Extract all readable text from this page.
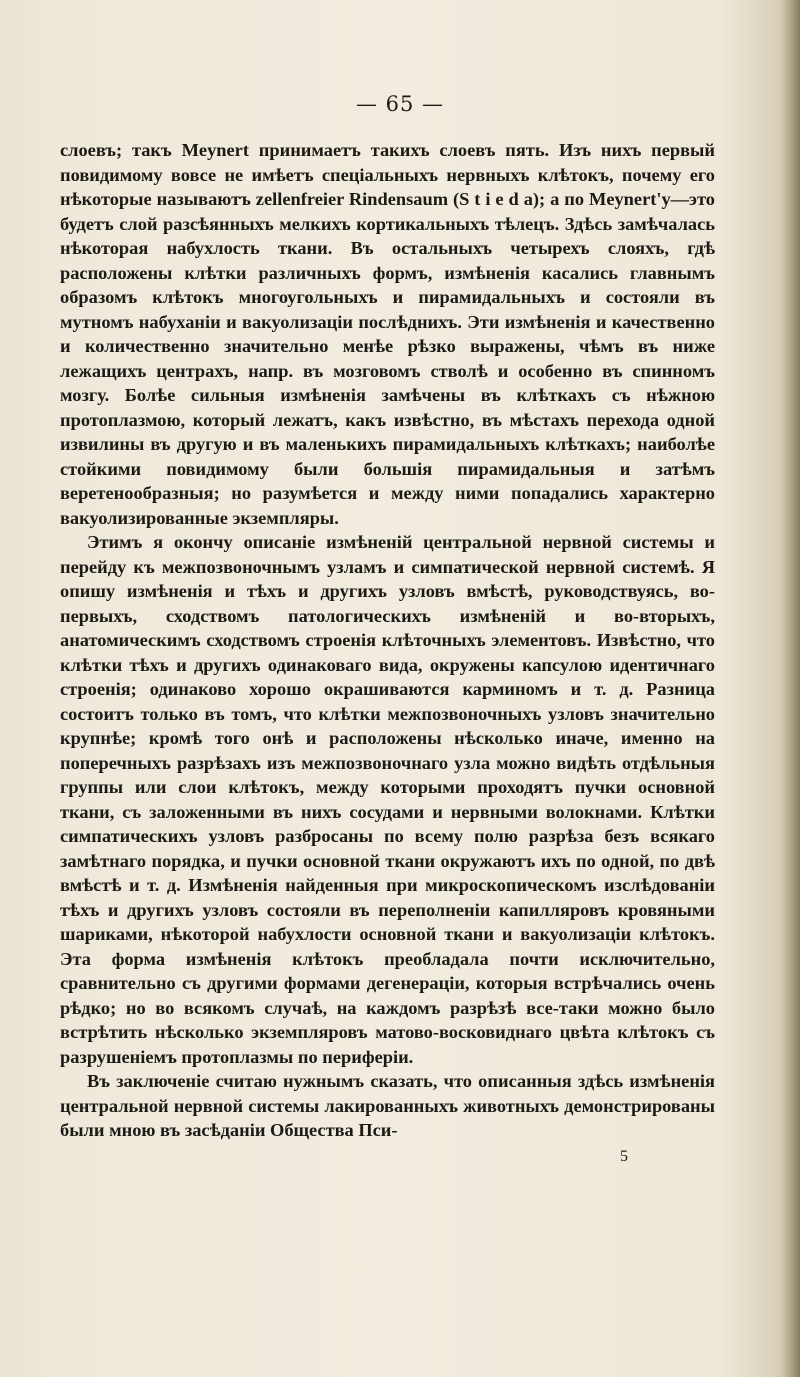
— 65 —

слоевъ; такъ Meynert принимаетъ такихъ слоевъ пять. Изъ нихъ первый повидимому вовсе не имѣетъ спеціальныхъ нервныхъ клѣтокъ, почему его нѣкоторые называютъ zellenfreier Rindensaum (S t i e d a); а по Meynert'у—это будетъ слой разсѣянныхъ мелкихъ кортикальныхъ тѣлецъ. Здѣсь замѣчалась нѣкоторая набухлость ткани. Въ остальныхъ четырехъ слояхъ, гдѣ расположены клѣтки различныхъ формъ, измѣненія касались главнымъ образомъ клѣтокъ многоугольныхъ и пирамидальныхъ и состояли въ мутномъ набуханіи и вакуолизаціи послѣднихъ. Эти измѣненія и качественно и количественно значительно менѣе рѣзко выражены, чѣмъ въ ниже лежащихъ центрахъ, напр. въ мозговомъ стволѣ и особенно въ спинномъ мозгу. Болѣе сильныя измѣненія замѣчены въ клѣткахъ съ нѣжною протоплазмою, который лежатъ, какъ извѣстно, въ мѣстахъ перехода одной извилины въ другую и въ маленькихъ пирамидальныхъ клѣткахъ; наиболѣе стойкими повидимому были большія пирамидальныя и затѣмъ веретенообразныя; но разумѣется и между ними попадались характерно вакуолизированные экземпляры.

Этимъ я окончу описаніе измѣненій центральной нервной системы и перейду къ межпозвоночнымъ узламъ и симпатической нервной системѣ. Я опишу измѣненія и тѣхъ и другихъ узловъ вмѣстѣ, руководствуясь, во-первыхъ, сходствомъ патологическихъ измѣненій и во-вторыхъ, анатомическимъ сходствомъ строенія клѣточныхъ элементовъ. Извѣстно, что клѣтки тѣхъ и другихъ одинаковаго вида, окружены капсулою идентичнаго строенія; одинаково хорошо окрашиваются карминомъ и т. д. Разница состоитъ только въ томъ, что клѣтки межпозвоночныхъ узловъ значительно крупнѣе; кромѣ того онѣ и расположены нѣсколько иначе, именно на поперечныхъ разрѣзахъ изъ межпозвоночнаго узла можно видѣть отдѣльныя группы или слои клѣтокъ, между которыми проходятъ пучки основной ткани, съ заложенными въ нихъ сосудами и нервными волокнами. Клѣтки симпатическихъ узловъ разбросаны по всему полю разрѣза безъ всякаго замѣтнаго порядка, и пучки основной ткани окружаютъ ихъ по одной, по двѣ вмѣстѣ и т. д. Измѣненія найденныя при микроскопическомъ изслѣдованіи тѣхъ и другихъ узловъ состояли въ переполненіи капилляровъ кровяными шариками, нѣкоторой набухлости основной ткани и вакуолизаціи клѣтокъ. Эта форма измѣненія клѣтокъ преобладала почти исключительно, сравнительно съ другими формами дегенераціи, которыя встрѣчались очень рѣдко; но во всякомъ случаѣ, на каждомъ разрѣзѣ все-таки можно было встрѣтить нѣсколько экземпляровъ матово-восковиднаго цвѣта клѣтокъ съ разрушеніемъ протоплазмы по периферіи.

Въ заключеніе считаю нужнымъ сказать, что описанныя здѣсь измѣненія центральной нервной системы лакированныхъ животныхъ демонстрированы были мною въ засѣданіи Общества Пси-

5
